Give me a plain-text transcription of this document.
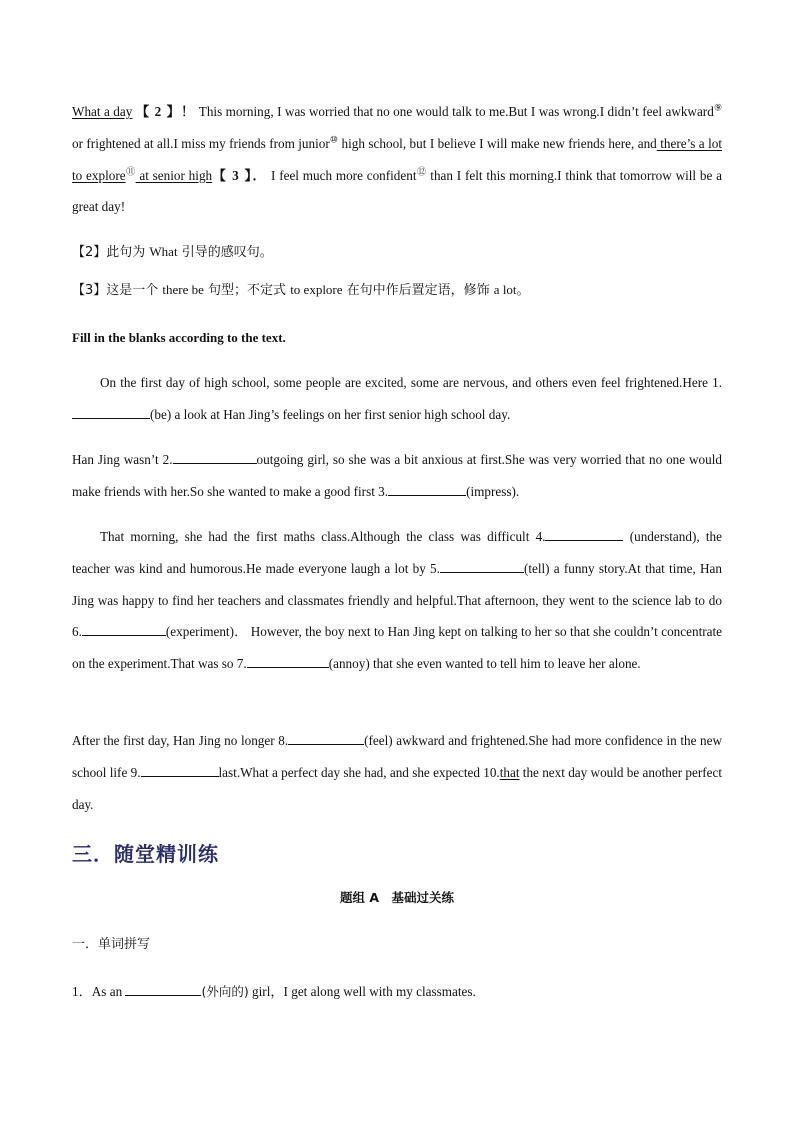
What a day 【 2 】！ This morning, I was worried that no one would talk to me.But I was wrong.I didn’t feel awkward⑨ or frightened at all.I miss my friends from junior⑩ high school, but I believe I will make new friends here, and there’s a lot to explore⑪ at senior high【 3 】． I feel much more confident⑫ than I felt this morning.I think that tomorrow will be a great day!
【2】此句为 What 引导的感叹句。
【3】这是一个 there be 句型；不定式 to explore 在句中作后置定语，修饰 a lot。
Fill in the blanks according to the text.
On the first day of high school, some people are excited, some are nervous, and others even feel frightened.Here 1.(be) a look at Han Jing’s feelings on her first senior high school day.
Han Jing wasn’t 2.	outgoing girl, so she was a bit anxious at first.She was very worried that no one would make friends with her.So she wanted to make a good first 3.	(impress).
That morning, she had the first maths class.Although the class was difficult 4.	(understand), the teacher was kind and humorous.He made everyone laugh a lot by 5.	(tell) a funny story.At that time, Han Jing was happy to find her teachers and classmates friendly and helpful.That afternoon, they went to the science lab to do 6.	(experiment)． However, the boy next to Han Jing kept on talking to her so that she couldn’t concentrate on the experiment.That was so 7.	(annoy) that she even wanted to tell him to leave her alone.
After the first day, Han Jing no longer 8.	(feel) awkward and frightened.She had more confidence in the new school life 9.	last.What a perfect day she had, and she expected 10.that the next day would be another perfect day.
三．随堂精训练
题组 A　基础过关练
一．单词拼写
1．As an	(外向的) girl，I get along well with my classmates.
